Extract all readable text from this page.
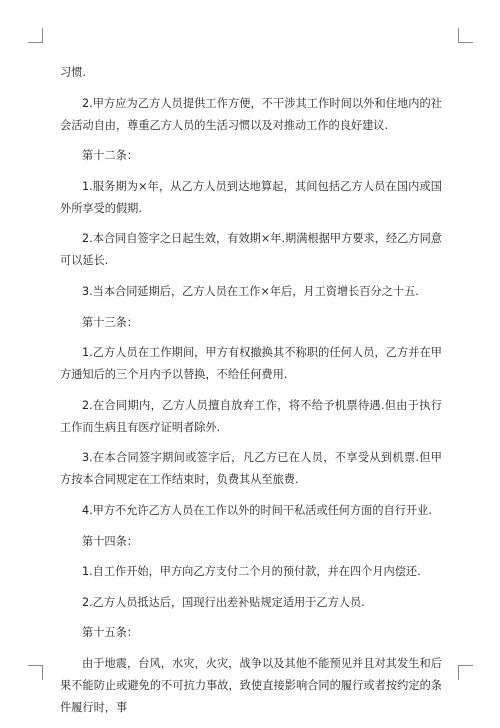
习惯.

2.甲方应为乙方人员提供工作方便，不干涉其工作时间以外和住地内的社会活动自由，尊重乙方人员的生活习惯以及对推动工作的良好建议.

第十二条：

1.服务期为×年，从乙方人员到达地算起，其间包括乙方人员在国内或国外所享受的假期.

2.本合同自签字之日起生效，有效期×年.期满根据甲方要求，经乙方同意可以延长.

3.当本合同延期后，乙方人员在工作×年后，月工资增长百分之十五.

第十三条：

1.乙方人员在工作期间，甲方有权撤换其不称职的任何人员，乙方并在甲方通知后的三个月内予以替换，不给任何费用.

2.在合同期内，乙方人员擅自放弃工作，将不给予机票待遇.但由于执行工作而生病且有医疗证明者除外.

3.在本合同签字期间或签字后，凡乙方已在人员，不享受从到机票.但甲方按本合同规定在工作结束时，负费其从至旅费.

4.甲方不允许乙方人员在工作以外的时间干私活或任何方面的自行开业.

第十四条：

1.自工作开始，甲方向乙方支付二个月的预付款，并在四个月内偿还.

2.乙方人员抵达后，国现行出差补贴规定适用于乙方人员.

第十五条：

由于地震，台风，水灾，火灾，战争以及其他不能预见并且对其发生和后果不能防止或避免的不可抗力事故，致使直接影响合同的履行或者按约定的条件履行时，事
